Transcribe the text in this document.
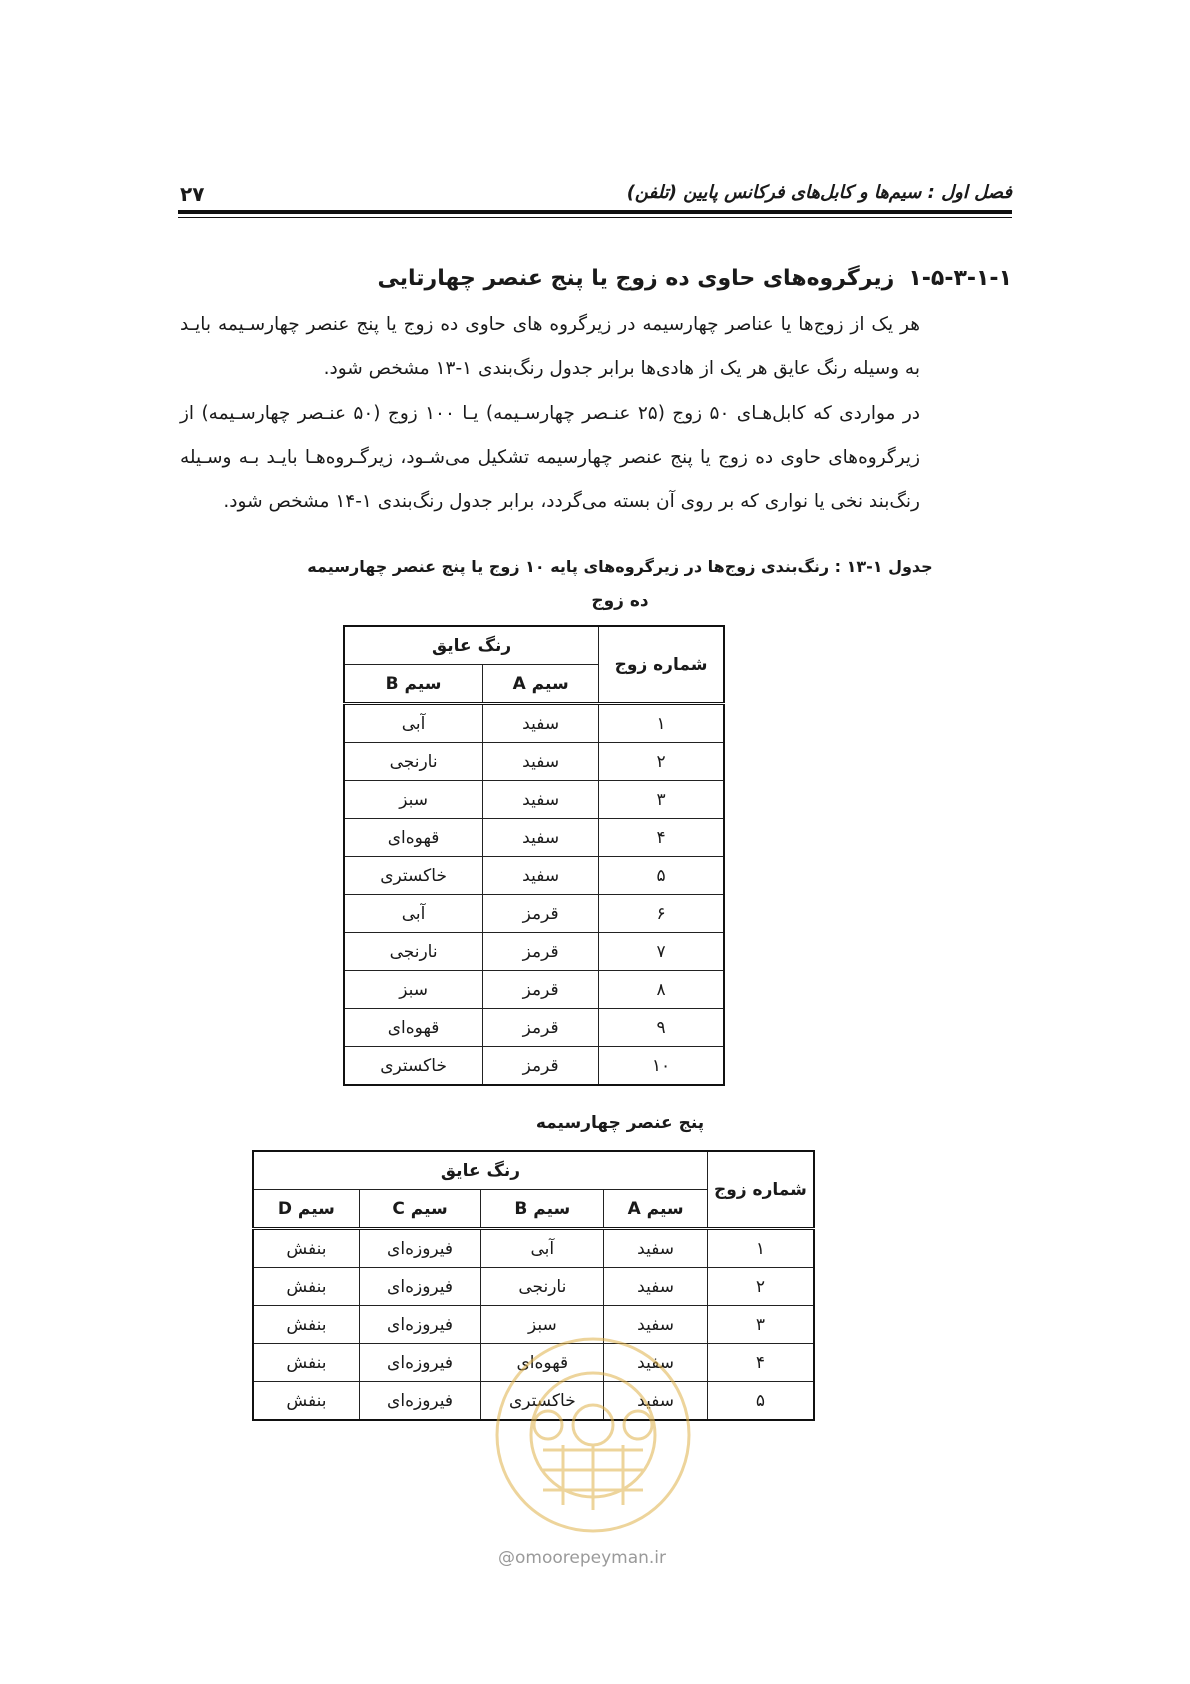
فصل اول : سیم‌ها و کابل‌های فرکانس پایین (تلفن)
۲۷
۱-۵-۳-۱-۱زیرگروه‌های حاوی ده زوج یا پنج عنصر چهارتایی
هر یک از زوج‌ها یا عناصر چهارسیمه در زیرگروه های حاوی ده زوج یا پنج عنصر چهارسـیمه بایـد به وسیله رنگ عایق هر یک از هادی‌ها برابر جدول رنگ‌بندی ۱-۱۳ مشخص شود.
در مواردی که کابل‌هـای ۵۰ زوج (۲۵ عنـصر چهارسـیمه) یـا ۱۰۰ زوج (۵۰ عنـصر چهارسـیمه) از زیرگروه‌های حاوی ده زوج یا پنج عنصر چهارسیمه تشکیل می‌شـود، زیرگـروه‌هـا بایـد بـه وسـیله رنگ‌بند نخی یا نواری که بر روی آن بسته می‌گردد، برابر جدول رنگ‌بندی ۱-۱۴ مشخص شود.
جدول ۱-۱۳ : رنگ‌بندی زوج‌ها در زیرگروه‌های پایه ۱۰ زوج یا پنج عنصر چهارسیمه
ده زوج
شماره زوج	رنگ عایق	
	سیم A	سیم B
۱	سفید	آبی
۲	سفید	نارنجی
۳	سفید	سبز
۴	سفید	قهوه‌ای
۵	سفید	خاکستری
۶	قرمز	آبی
۷	قرمز	نارنجی
۸	قرمز	سبز
۹	قرمز	قهوه‌ای
۱۰	قرمز	خاکستری
پنج عنصر چهارسیمه
شماره زوج	رنگ عایق			
	سیم A	سیم B	سیم C	سیم D
۱	سفید	آبی	فیروزه‌ای	بنفش
۲	سفید	نارنجی	فیروزه‌ای	بنفش
۳	سفید	سبز	فیروزه‌ای	بنفش
۴	سفید	قهوه‌ای	فیروزه‌ای	بنفش
۵	سفید	خاکستری	فیروزه‌ای	بنفش
@omoorepeyman.ir
